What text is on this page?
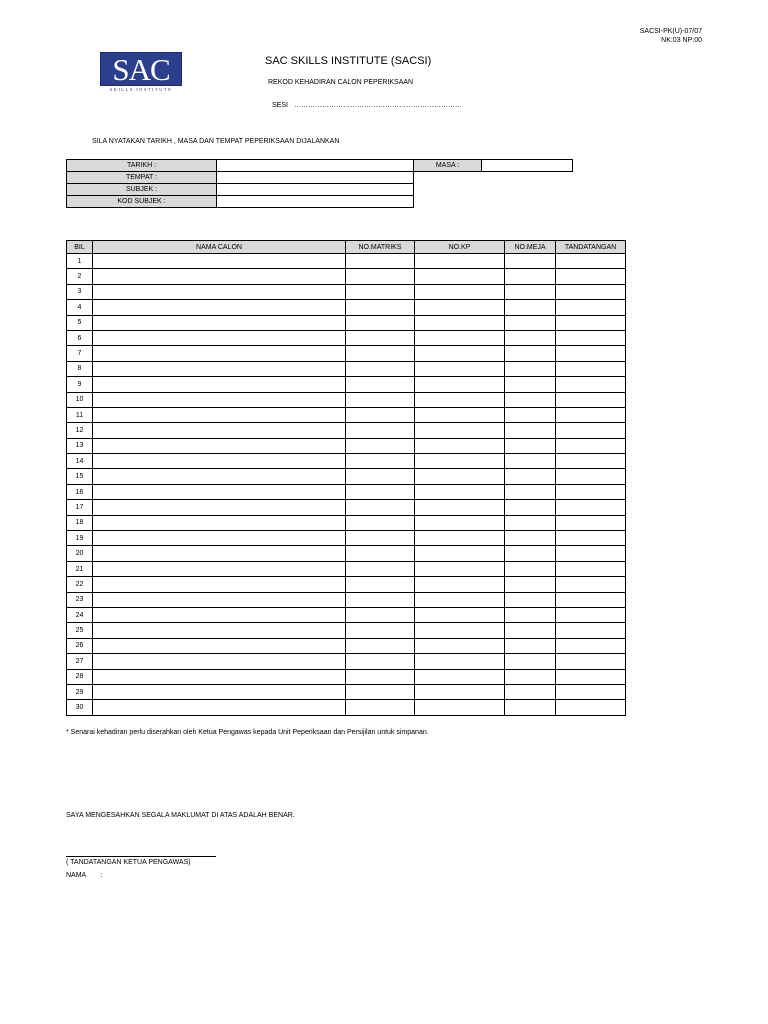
SACSI-PK(U)-07/07
NK:03 NP:00
SAC
SKILLS INSTITUTE
SAC SKILLS INSTITUTE (SACSI)
REKOD KEHADIRAN CALON PEPERIKSAAN
SESI ………………………………………………………………
SILA NYATAKAN TARIKH , MASA DAN TEMPAT PEPERIKSAAN DIJALANKAN
TARIKH :		MASA :	
TEMPAT :			
SUBJEK :			
KOD SUBJEK :			
BIL	NAMA CALON	NO.MATRIKS	NO.KP	NO.MEJA	TANDATANGAN
1					
2					
3					
4					
5					
6					
7					
8					
9					
10					
11					
12					
13					
14					
15					
16					
17					
18					
19					
20					
21					
22					
23					
24					
25					
26					
27					
28					
29					
30					
* Senarai kehadiran perlu diserahkan oleh Ketua Pengawas kepada Unit Peperiksaan dan Persijilan untuk simpanan.
SAYA MENGESAHKAN SEGALA MAKLUMAT DI ATAS ADALAH BENAR.
( TANDATANGAN KETUA PENGAWAS)
NAMA :
